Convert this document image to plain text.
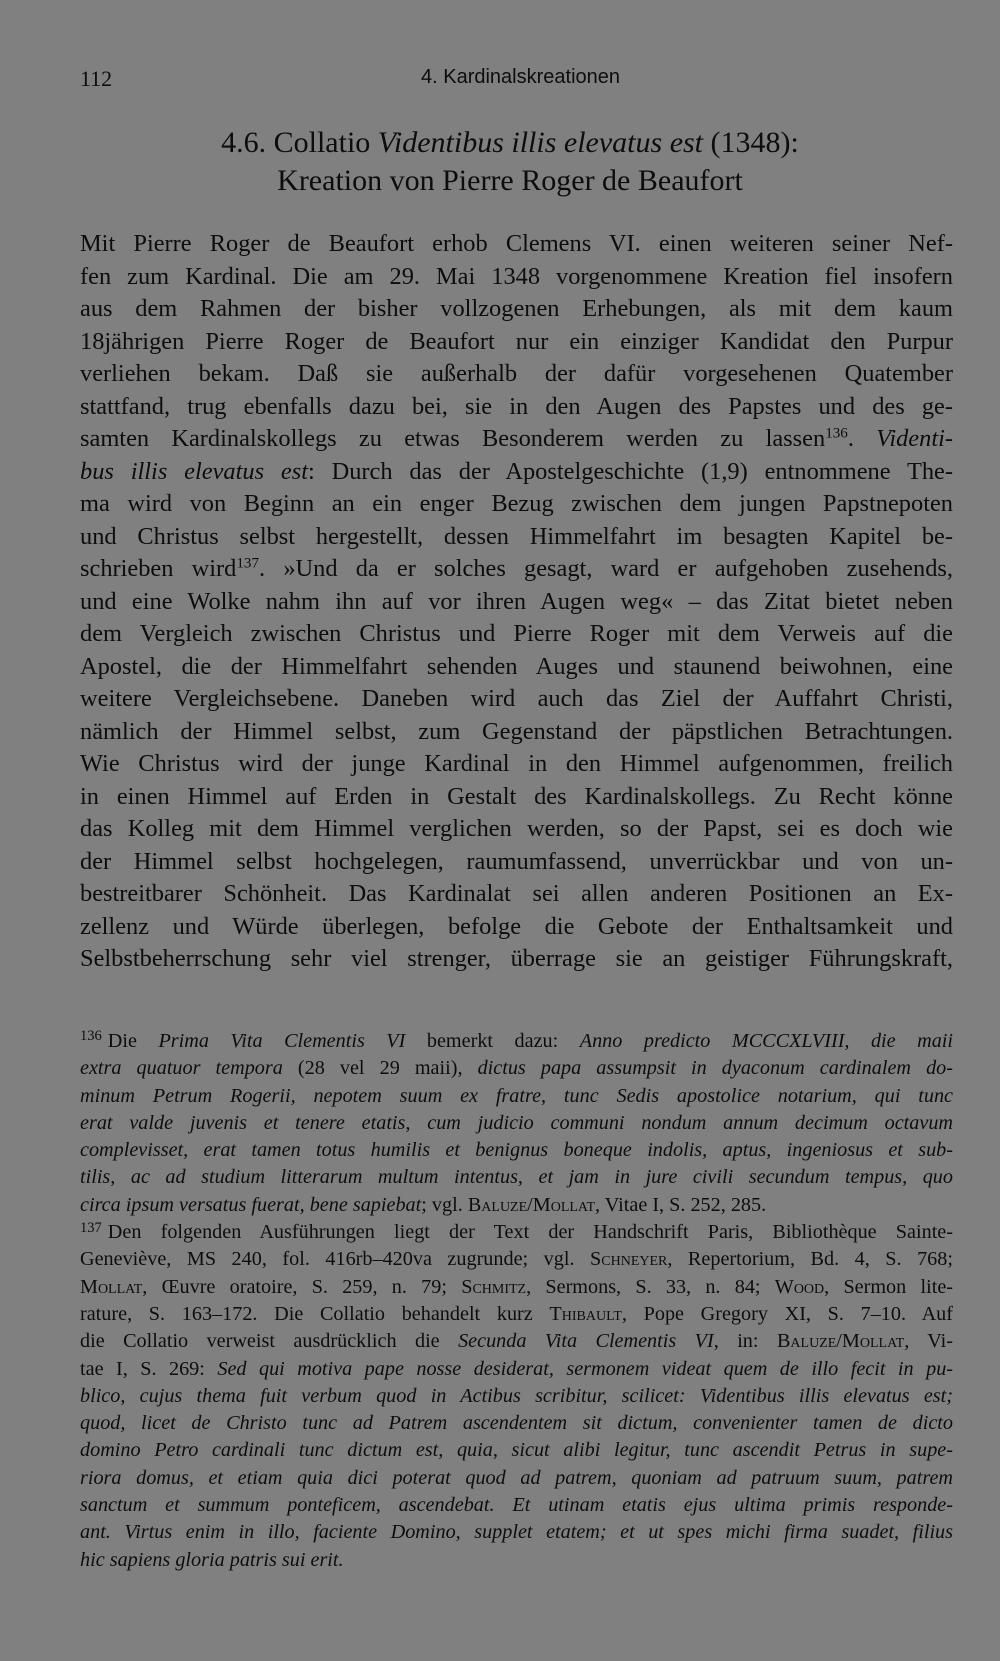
112	4. Kardinalskreationen
4.6. Collatio Videntibus illis elevatus est (1348):
Kreation von Pierre Roger de Beaufort
Mit Pierre Roger de Beaufort erhob Clemens VI. einen weiteren seiner Nef-
fen zum Kardinal. Die am 29. Mai 1348 vorgenommene Kreation fiel insofern
aus dem Rahmen der bisher vollzogenen Erhebungen, als mit dem kaum
18jährigen Pierre Roger de Beaufort nur ein einziger Kandidat den Purpur
verliehen bekam. Daß sie außerhalb der dafür vorgesehenen Quatember
stattfand, trug ebenfalls dazu bei, sie in den Augen des Papstes und des ge-
samten Kardinalskollegs zu etwas Besonderem werden zu lassen$^{136}$. Videnti-
bus illis elevatus est: Durch das der Apostelgeschichte (1,9) entnommene The-
ma wird von Beginn an ein enger Bezug zwischen dem jungen Papstnepoten
und Christus selbst hergestellt, dessen Himmelfahrt im besagten Kapitel be-
schrieben wird$^{137}$. »Und da er solches gesagt, ward er aufgehoben zusehends,
und eine Wolke nahm ihn auf vor ihren Augen weg« – das Zitat bietet neben
dem Vergleich zwischen Christus und Pierre Roger mit dem Verweis auf die
Apostel, die der Himmelfahrt sehenden Auges und staunend beiwohnen, eine
weitere Vergleichsebene. Daneben wird auch das Ziel der Auffahrt Christi,
nämlich der Himmel selbst, zum Gegenstand der päpstlichen Betrachtungen.
Wie Christus wird der junge Kardinal in den Himmel aufgenommen, freilich
in einen Himmel auf Erden in Gestalt des Kardinalskollegs. Zu Recht könne
das Kolleg mit dem Himmel verglichen werden, so der Papst, sei es doch wie
der Himmel selbst hochgelegen, raumumfassend, unverrückbar und von un-
bestreitbarer Schönheit. Das Kardinalat sei allen anderen Positionen an Ex-
zellenz und Würde überlegen, befolge die Gebote der Enthaltsamkeit und
Selbstbeherrschung sehr viel strenger, überrage sie an geistiger Führungskraft,
$^{136}$ Die Prima Vita Clementis VI bemerkt dazu: Anno predicto MCCCXLVIII, die maii
extra quatuor tempora (28 vel 29 maii), dictus papa assumpsit in dyaconum cardinalem do-
minum Petrum Rogerii, nepotem suum ex fratre, tunc Sedis apostolice notarium, qui tunc
erat valde juvenis et tenere etatis, cum judicio communi nondum annum decimum octavum
complevisset, erat tamen totus humilis et benignus boneque indolis, aptus, ingeniosus et sub-
tilis, ac ad studium litterarum multum intentus, et jam in jure civili secundum tempus, quo
circa ipsum versatus fuerat, bene sapiebat; vgl. Baluze/Mollat, Vitae I, S. 252, 285.
$^{137}$ Den folgenden Ausführungen liegt der Text der Handschrift Paris, Bibliothèque Sainte-
Geneviève, MS 240, fol. 416rb–420va zugrunde; vgl. Schneyer, Repertorium, Bd. 4, S. 768;
Mollat, Œuvre oratoire, S. 259, n. 79; Schmitz, Sermons, S. 33, n. 84; Wood, Sermon lite-
rature, S. 163–172. Die Collatio behandelt kurz Thibault, Pope Gregory XI, S. 7–10. Auf
die Collatio verweist ausdrücklich die Secunda Vita Clementis VI, in: Baluze/Mollat, Vi-
tae I, S. 269: Sed qui motiva pape nosse desiderat, sermonem videat quem de illo fecit in pu-
blico, cujus thema fuit verbum quod in Actibus scribitur, scilicet: Videntibus illis elevatus est;
quod, licet de Christo tunc ad Patrem ascendentem sit dictum, convenienter tamen de dicto
domino Petro cardinali tunc dictum est, quia, sicut alibi legitur, tunc ascendit Petrus in supe-
riora domus, et etiam quia dici poterat quod ad patrem, quoniam ad patruum suum, patrem
sanctum et summum ponteficem, ascendebat. Et utinam etatis ejus ultima primis responde-
ant. Virtus enim in illo, faciente Domino, supplet etatem; et ut spes michi firma suadet, filius
hic sapiens gloria patris sui erit.
